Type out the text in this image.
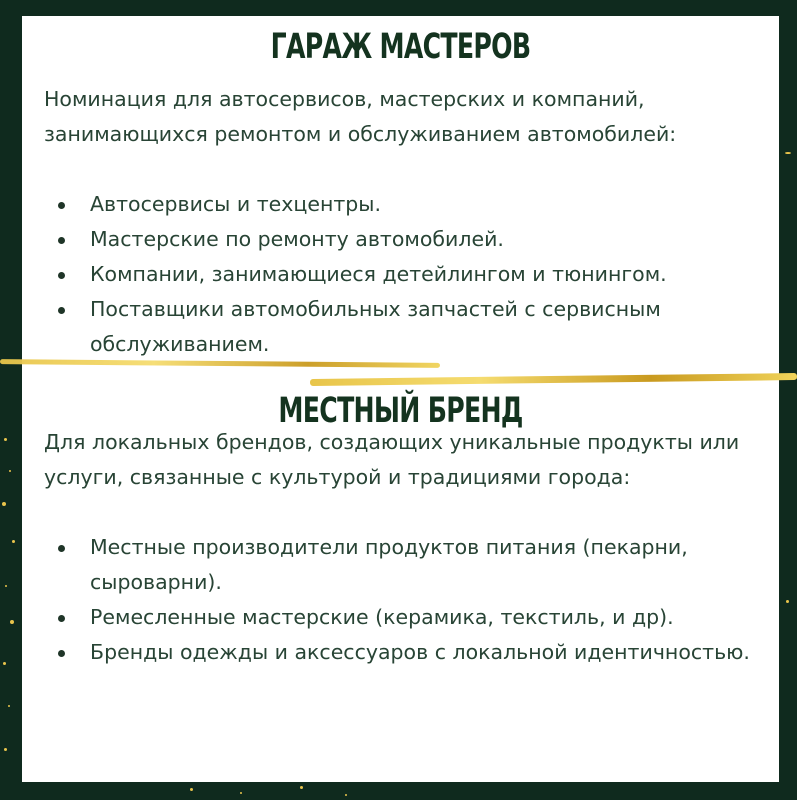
ГАРАЖ МАСТЕРОВ

Номинация для автосервисов, мастерских и компаний, занимающихся ремонтом и обслуживанием автомобилей:

Автосервисы и техцентры.
Мастерские по ремонту автомобилей.
Компании, занимающиеся детейлингом и тюнингом.
Поставщики автомобильных запчастей с сервисным обслуживанием.
МЕСТНЫЙ БРЕНД

Для локальных брендов, создающих уникальные продукты или услуги, связанные с культурой и традициями города:

Местные производители продуктов питания (пекарни, сыроварни).
Ремесленные мастерские (керамика, текстиль, и др).
Бренды одежды и аксессуаров с локальной идентичностью.
